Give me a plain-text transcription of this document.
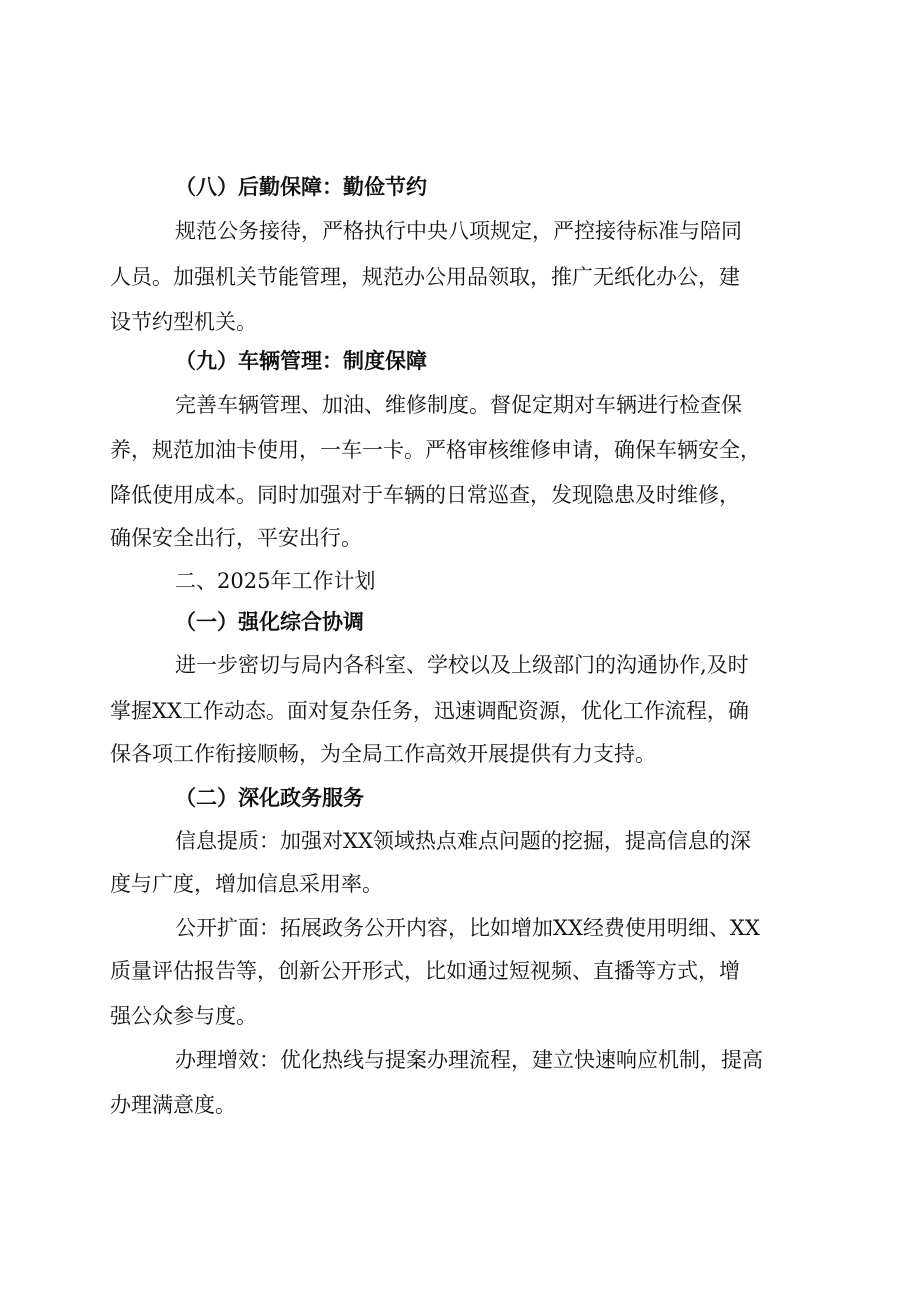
（八）后勤保障：勤俭节约
规范公务接待，严格执行中央八项规定，严控接待标准与陪同
人员。加强机关节能管理，规范办公用品领取，推广无纸化办公，建
设节约型机关。
（九）车辆管理：制度保障
完善车辆管理、加油、维修制度。督促定期对车辆进行检查保
养，规范加油卡使用，一车一卡。严格审核维修申请，确保车辆安全，
降低使用成本。同时加强对于车辆的日常巡查，发现隐患及时维修，
确保安全出行，平安出行。
二、2025年工作计划
（一）强化综合协调
进一步密切与局内各科室、学校以及上级部门的沟通协作,及时
掌握XX工作动态。面对复杂任务，迅速调配资源，优化工作流程，确
保各项工作衔接顺畅，为全局工作高效开展提供有力支持。
（二）深化政务服务
信息提质：加强对XX领域热点难点问题的挖掘，提高信息的深
度与广度，增加信息采用率。
公开扩面：拓展政务公开内容，比如增加XX经费使用明细、XX
质量评估报告等，创新公开形式，比如通过短视频、直播等方式，增
强公众参与度。
办理增效：优化热线与提案办理流程，建立快速响应机制，提高
办理满意度。
